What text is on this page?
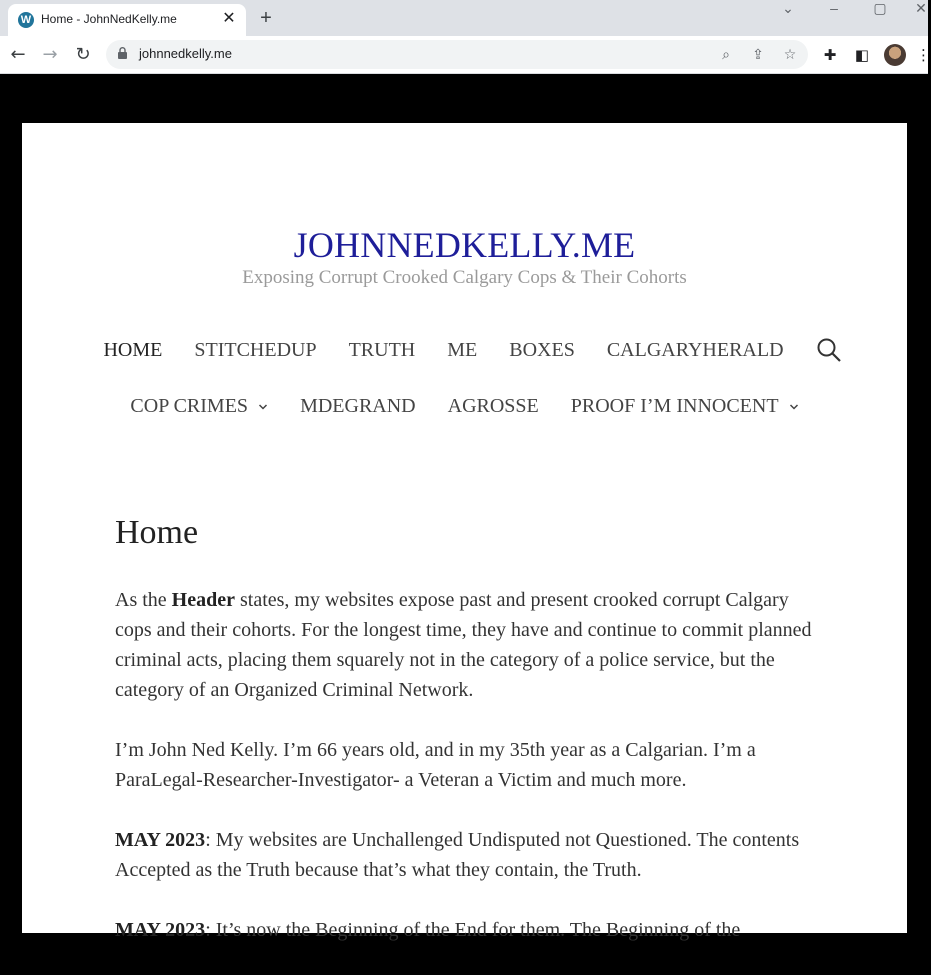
W Home - JohnNedKelly.me	✕ +	⌄	–	▢ ✕
← → ↻	johnnedkelly.me	⌕	⇪ ☆	✚	◧	⋮
JOHNNEDKELLY.ME
Exposing Corrupt Crooked Calgary Cops & Their Cohorts
HOME STITCHEDUP TRUTH ME BOXES CALGARYHERALD
COP CRIMES	MDEGRAND AGROSSE PROOF I’M INNOCENT
Home

As the Header states, my websites expose past and present crooked corrupt Calgary cops and their cohorts. For the longest time, they have and continue to commit planned criminal acts, placing them squarely not in the category of a police service, but the category of an Organized Criminal Network.

I’m John Ned Kelly. I’m 66 years old, and in my 35th year as a Calgarian. I’m a ParaLegal-Researcher-Investigator- a Veteran a Victim and much more.

MAY 2023: My websites are Unchallenged Undisputed not Questioned. The contents Accepted as the Truth because that’s what they contain, the Truth.

MAY 2023: It’s now the Beginning of the End for them. The Beginning of the
